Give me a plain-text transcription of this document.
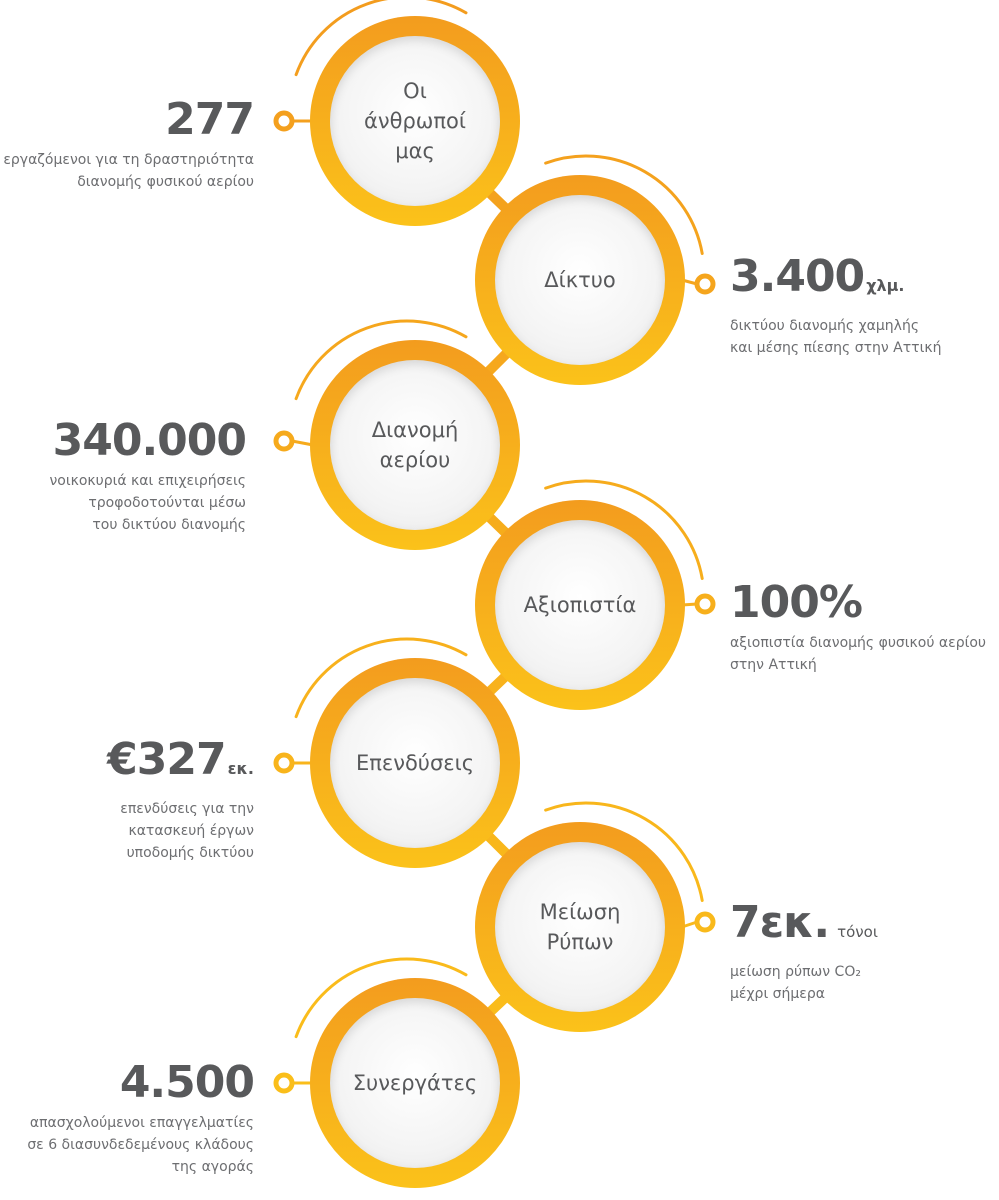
Οι
άνθρωποί
μας
Δίκτυο
Διανομή
αερίου
Αξιοπιστία
Επενδύσεις
Μείωση
Ρύπων
Συνεργάτες
277
εργαζόμενοι για τη δραστηριότητα
διανομής φυσικού αερίου
3.400 χλμ.
δικτύου διανομής χαμηλής
και μέσης πίεσης στην Αττική
340.000
νοικοκυριά και επιχειρήσεις
τροφοδοτούνται μέσω
του δικτύου διανομής
100%
αξιοπιστία διανομής φυσικού αερίου
στην Αττική
€327 εκ.
επενδύσεις για την
κατασκευή έργων
υποδομής δικτύου
7εκ. τόνοι
μείωση ρύπων CO₂
μέχρι σήμερα
4.500
απασχολούμενοι επαγγελματίες
σε 6 διασυνδεδεμένους κλάδους
της αγοράς
